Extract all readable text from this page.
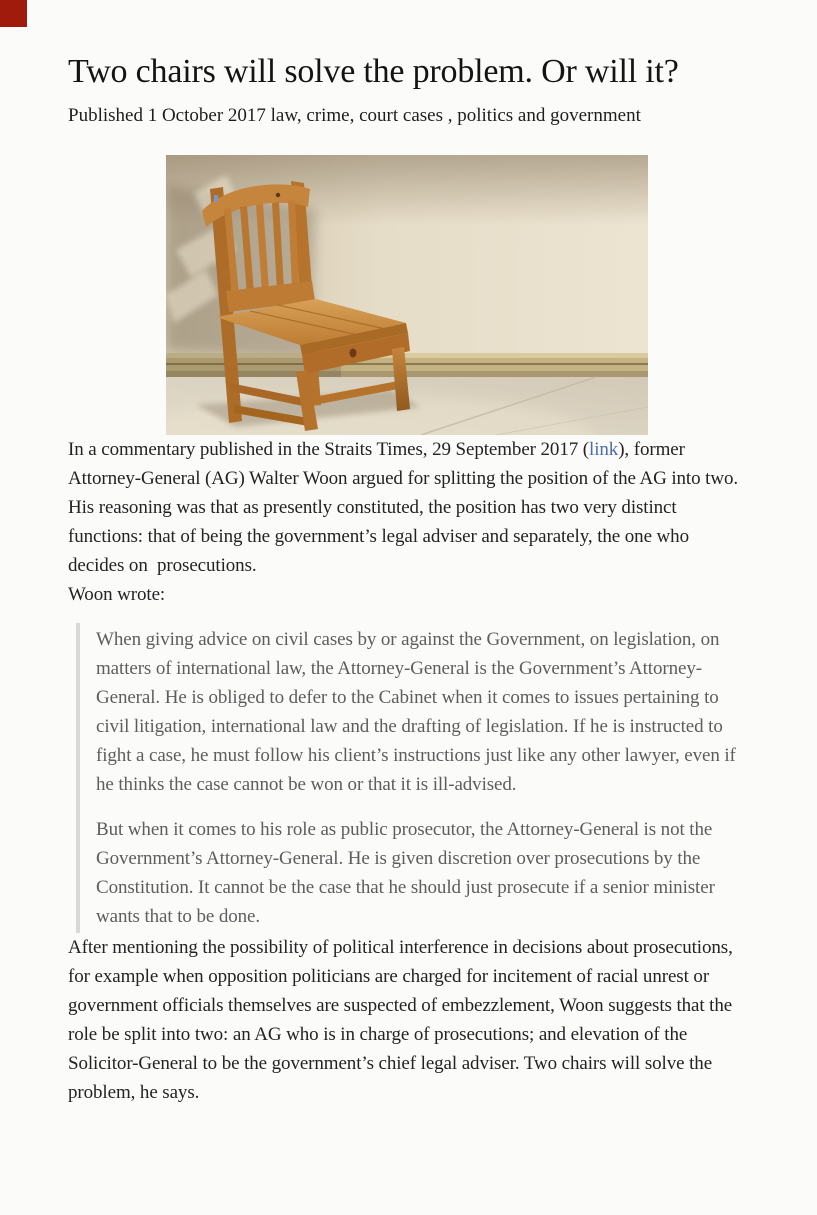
Two chairs will solve the problem. Or will it?

Published 1 October 2017 law, crime, court cases , politics and government

In a commentary published in the Straits Times, 29 September 2017 (link), former Attorney-General (AG) Walter Woon argued for splitting the position of the AG into two. His reasoning was that as presently constituted, the position has two very distinct functions: that of being the government’s legal adviser and separately, the one who decides on  prosecutions.

Woon wrote:

When giving advice on civil cases by or against the Government, on legislation, on matters of international law, the Attorney-General is the Government’s Attorney-General. He is obliged to defer to the Cabinet when it comes to issues pertaining to civil litigation, international law and the drafting of legislation. If he is instructed to fight a case, he must follow his client’s instructions just like any other lawyer, even if he thinks the case cannot be won or that it is ill-advised.

But when it comes to his role as public prosecutor, the Attorney-General is not the Government’s Attorney-General. He is given discretion over prosecutions by the Constitution. It cannot be the case that he should just prosecute if a senior minister wants that to be done.

After mentioning the possibility of political interference in decisions about prosecutions, for example when opposition politicians are charged for incitement of racial unrest or government officials themselves are suspected of embezzlement, Woon suggests that the role be split into two: an AG who is in charge of prosecutions; and elevation of the Solicitor-General to be the government’s chief legal adviser. Two chairs will solve the problem, he says.
